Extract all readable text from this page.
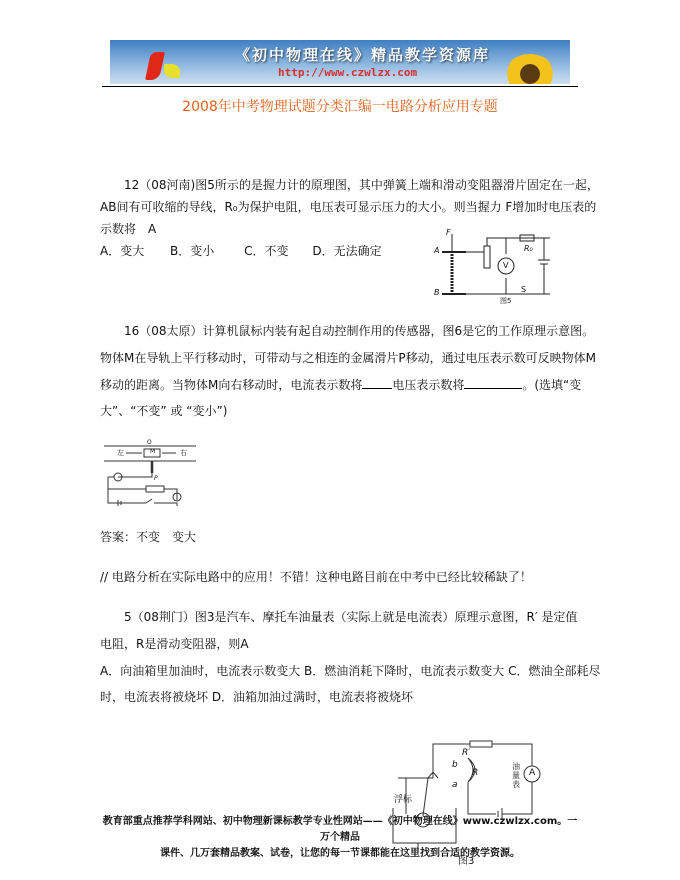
《初中物理在线》精品教学资源库
http://www.czwlzx.com
2008年中考物理试题分类汇编一电路分析应用专题
12（08河南)图5所示的是握力计的原理图，其中弹簧上端和滑动变阻器滑片固定在一起，
AB间有可收缩的导线，R₀为保护电阻，电压表可显示压力的大小。则当握力 F增加时电压表的
示数将　A
A．变大 B．变小 C．不变 D．无法确定
F
A
B
V
R₀
S
图5
16（08太原）计算机鼠标内装有起自动控制作用的传感器，图6是它的工作原理示意图。
物体M在导轨上平行移动时，可带动与之相连的金属滑片P移动，通过电压表示数可反映物体M
移动的距离。当物体M向右移动时，电流表示数将	电压表示数将	。(选填“变
大”、“不变” 或 “变小”)
O
左	M	右
P
答案：不变　变大
// 电路分析在实际电路中的应用！不错！这种电路目前在中考中已经比较稀缺了！
5（08荆门）图3是汽车、摩托车油量表（实际上就是电流表）原理示意图，R′ 是定值
电阻，R是滑动变阻器，则A
A．向油箱里加油时，电流表示数变大 B．燃油消耗下降时，电流表示数变大 C．燃油全部耗尽
时，电流表将被烧坏 D．油箱加油过满时，电流表将被烧坏
R′
b
R
a
油量表
A
浮标
教育部重点推荐学科网站、初中物理新课标教学专业性网站——《初中物理在线》www.czwlzx.com。一万个精品
课件、几万套精品教案、试卷，让您的每一节课都能在这里找到合适的教学资源。
图3
